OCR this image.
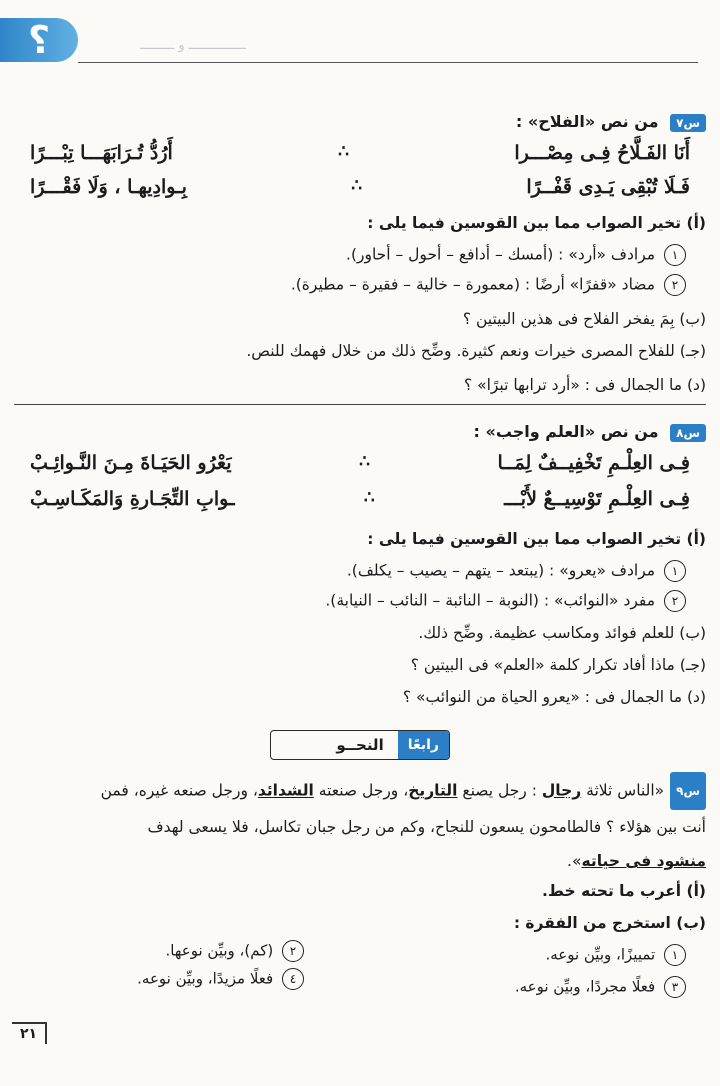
؟	ـــــــــــــــ و ـــــــــ
س٧ من نص «الفلاح» :
أَنَا الفَـلَّاحُ فِـى مِصْـــرا
∴
أَرُدُّ تُـرَابَهَـــا تِبْـــرًا
فَـلَا تُبْقِى يَـدِى قَفْــرًا
∴
بِـوادِيهـا ، وَلَا فَقْـــرًا
(أ) تخير الصواب مما بين القوسين فيما يلى :
١ مرادف «أرد» : (أمسك – أدافع – أحول – أحاور).
٢ مضاد «قفرًا» أرضًا : (معمورة – خالية – فقيرة – مطيرة).
(ب) بِمَ يفخر الفلاح فى هذين البيتين ؟
(جـ) للفلاح المصرى خيرات ونعم كثيرة. وضِّح ذلك من خلال فهمك للنص.
(د) ما الجمال فى : «أرد ترابها تبرًا» ؟
س٨ من نص «العلم واجب» :
فِـى العِلْـمِ تَخْفِيــفٌ لِمَــا
∴
يَعْرُو الحَيَـاةَ مِـنَ النَّـوائِـبْ
فِـى العِلْـمِ تَوْسِيــعٌ لأَبْـــ
∴
ـوابِ التِّجَـارةِ وَالمَكَـاسِـبْ
(أ) تخير الصواب مما بين القوسين فيما يلى :
١ مرادف «يعرو» : (يبتعد – يتهم – يصيب – يكلف).
٢ مفرد «النوائب» : (النوبة – النائبة – النائب – النيابة).
(ب) للعلم فوائد ومكاسب عظيمة. وضِّح ذلك.
(جـ) ماذا أفاد تكرار كلمة «العلم» فى البيتين ؟
(د) ما الجمال فى : «يعرو الحياة من النوائب» ؟
رابعًا
النحــو
س٩«الناس ثلاثة رجال : رجل يصنع التاريخ، ورجل صنعته الشدائد، ورجل صنعه غيره، فمن
أنت بين هؤلاء ؟ فالطامحون يسعون للنجاح، وكم من رجل جبان تكاسل، فلا يسعى لهدف
منشود فى حياته».
(أ) أعرب ما تحته خط.
(ب) استخرج من الفقرة :
١ تمييزًا، وبيِّن نوعه.
٢ (كم)، وبيِّن نوعها.
٣ فعلًا مجردًا، وبيِّن نوعه.
٤ فعلًا مزيدًا، وبيِّن نوعه.
٢١
